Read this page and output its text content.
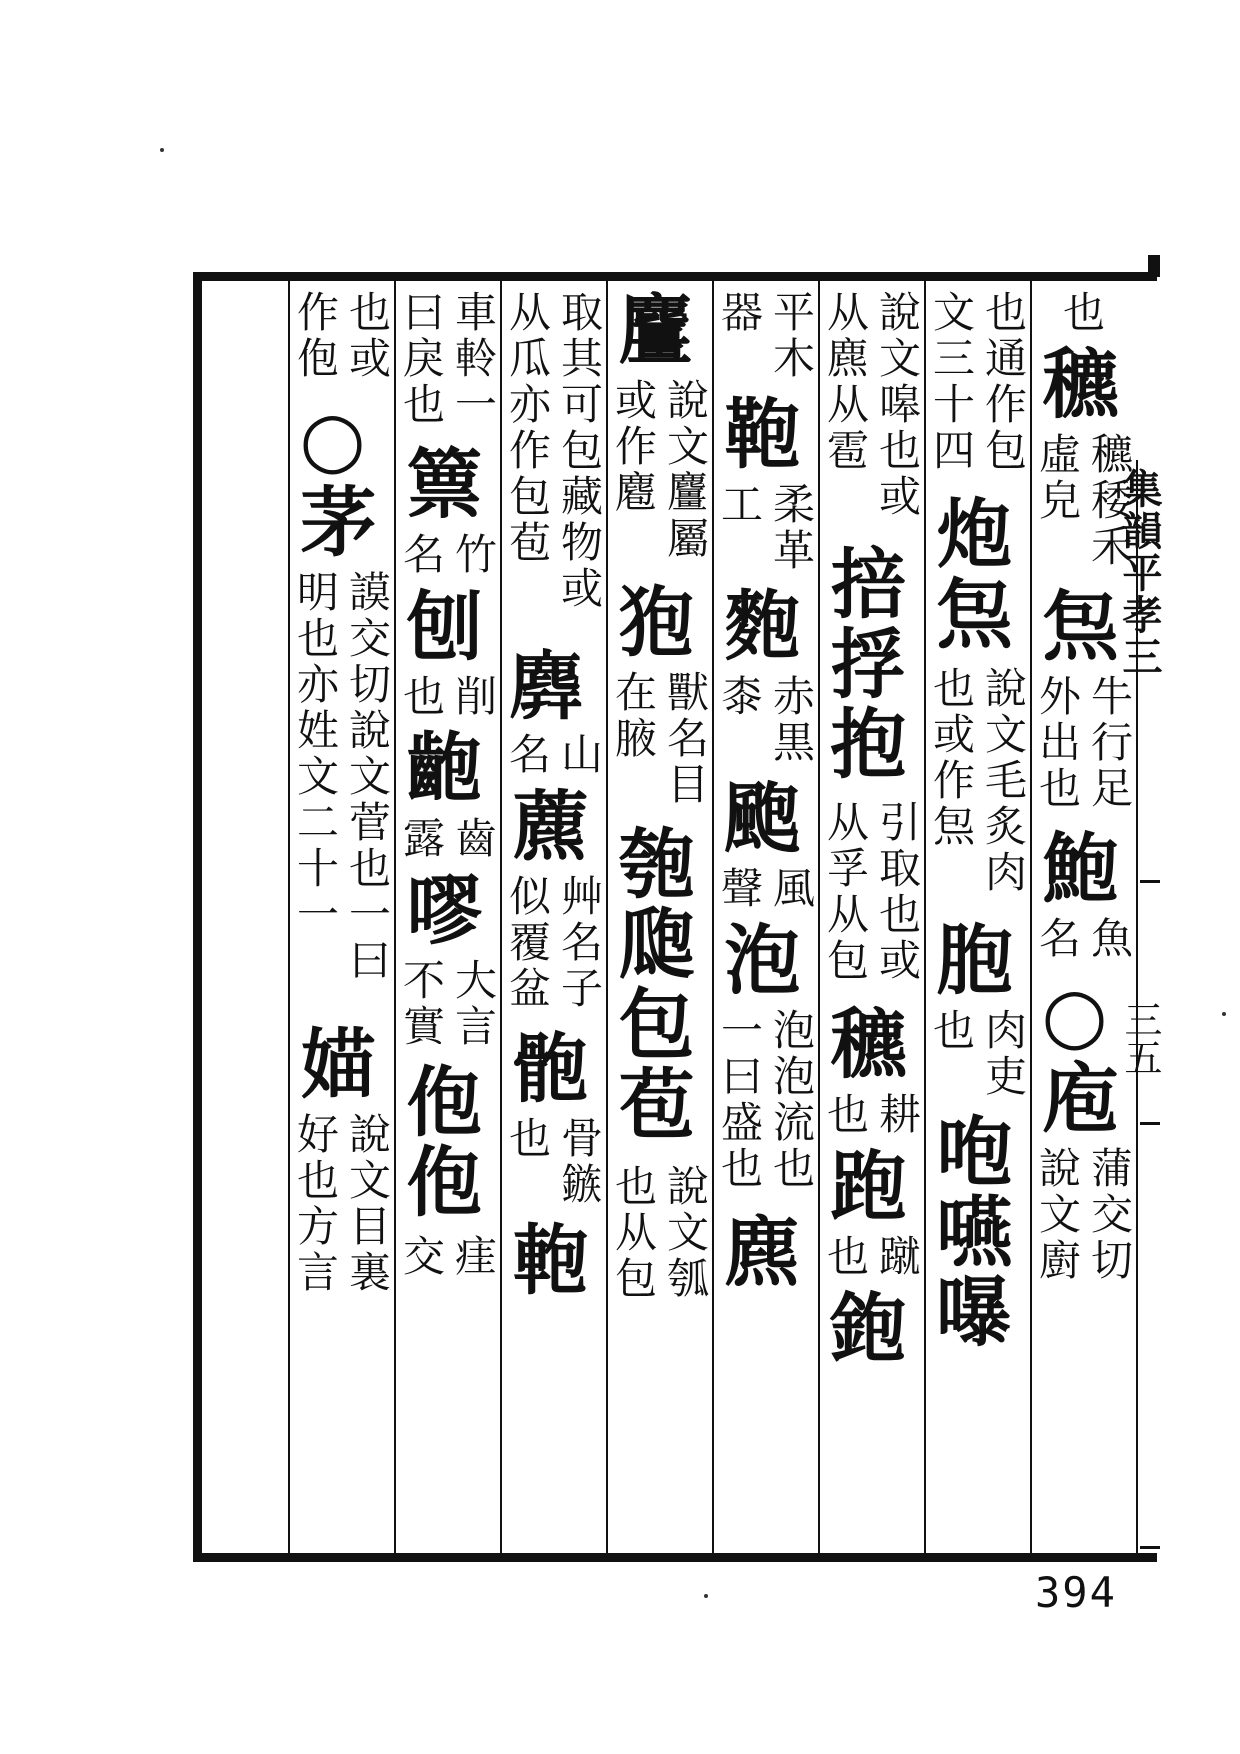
也
穮
穮䅗禾
虛皃
炰
牛行足
外出也
鮑
魚
名
○
庖
蒲交切
說文廚
也通作包
文三十四
炮炰
說文毛炙肉
也或作炰
胞
肉吏
也
咆嚥嚗
說文嗥也或
从麃从雹
掊捊抱
引取也或
从孚从包
穮
耕
也
跑
蹴
也
鉋
平木
器
鞄
柔革
工
麭
赤黒
桼
颮
風
聲
泡
泡泡流也
一曰盛也
麃
麠
說文麠屬
或作麅
狍
獸名目
在腋
匏瓟包苞
說文瓠
也从包
取其可包藏物或
从瓜亦作包苞
𪊑
山
名
藨
艸名子
似覆盆
骲
骨鏃
也
軳
車軨一
曰戾也
篻
竹
名
刨
削
也
齙
齒
露
嘐
大言
不實
佨佨
㾏
交
也或
作佨
○
茅
謨交切說文菅也一曰
明也亦姓文二十一
媌
說文目裏
好也方言
集韻平孝三
三五
394
